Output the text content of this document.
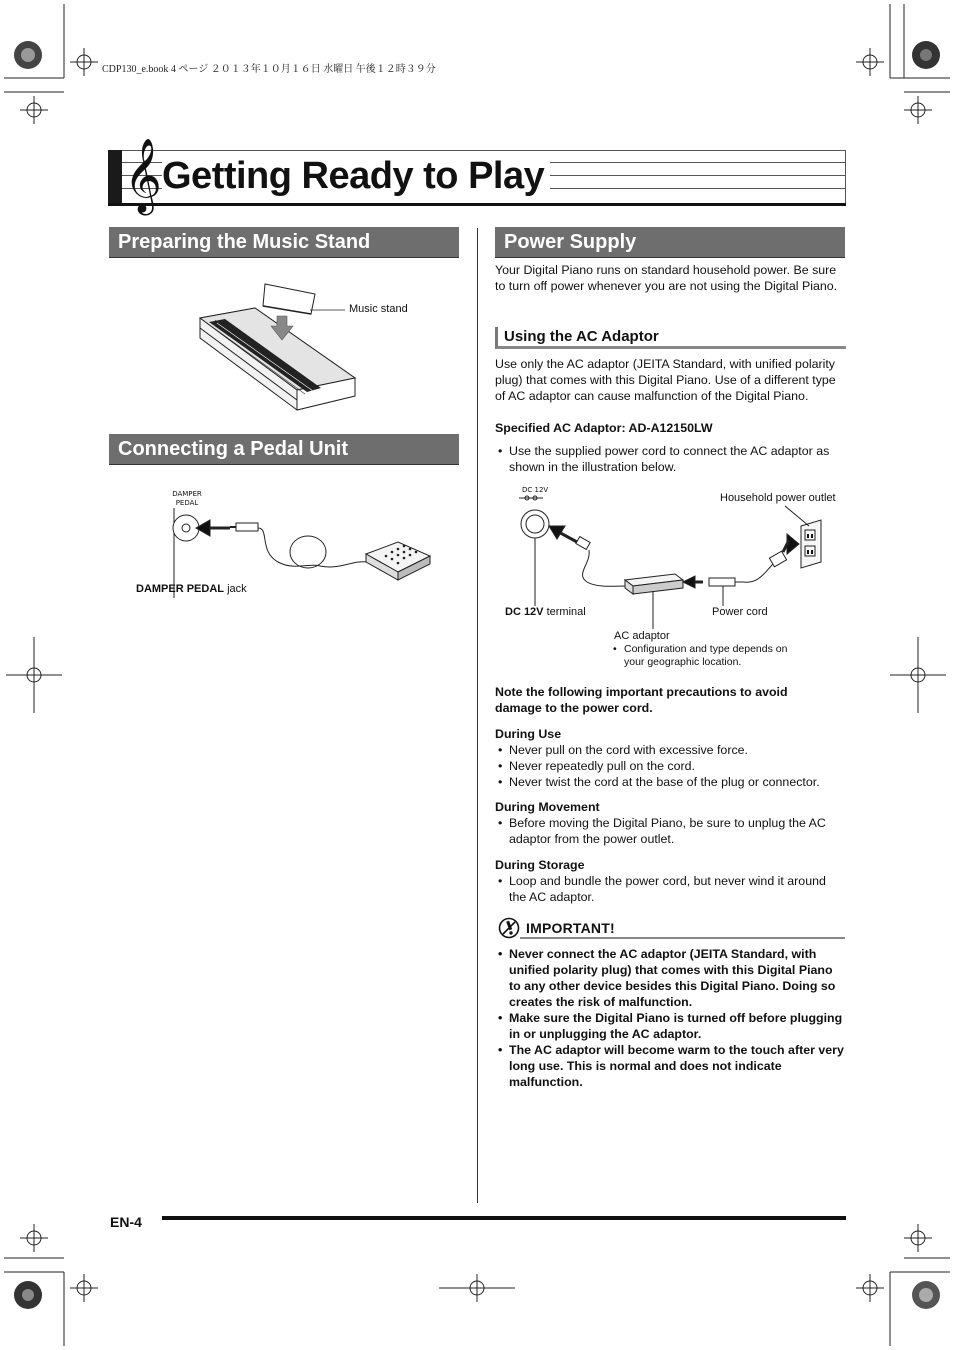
CDP130_e.book 4 ページ ２０１３年１０月１６日 水曜日 午後１２時３９分
𝄞 Getting Ready to Play
Preparing the Music Stand
Music stand
Connecting a Pedal Unit
DAMPER
PEDAL
DAMPER PEDAL jack
Power Supply
Your Digital Piano runs on standard household power. Be sure to turn off power whenever you are not using the Digital Piano.
Using the AC Adaptor
Use only the AC adaptor (JEITA Standard, with unified polarity plug) that comes with this Digital Piano. Use of a different type of AC adaptor can cause malfunction of the Digital Piano.
Specified AC Adaptor: AD-A12150LW
• Use the supplied power cord to connect the AC adaptor as shown in the illustration below.
DC 12V
Household power outlet
DC 12V terminal	Power cord
AC adaptor
• Configuration and type depends on
your geographic location.
Note the following important precautions to avoid damage to the power cord.
During Use
• Never pull on the cord with excessive force.
• Never repeatedly pull on the cord.
• Never twist the cord at the base of the plug or connector.
During Movement
• Before moving the Digital Piano, be sure to unplug the AC adaptor from the power outlet.
During Storage
• Loop and bundle the power cord, but never wind it around the AC adaptor.
IMPORTANT!
• Never connect the AC adaptor (JEITA Standard, with unified polarity plug) that comes with this Digital Piano to any other device besides this Digital Piano. Doing so creates the risk of malfunction.
• Make sure the Digital Piano is turned off before plugging in or unplugging the AC adaptor.
• The AC adaptor will become warm to the touch after very long use. This is normal and does not indicate malfunction.
EN-4
